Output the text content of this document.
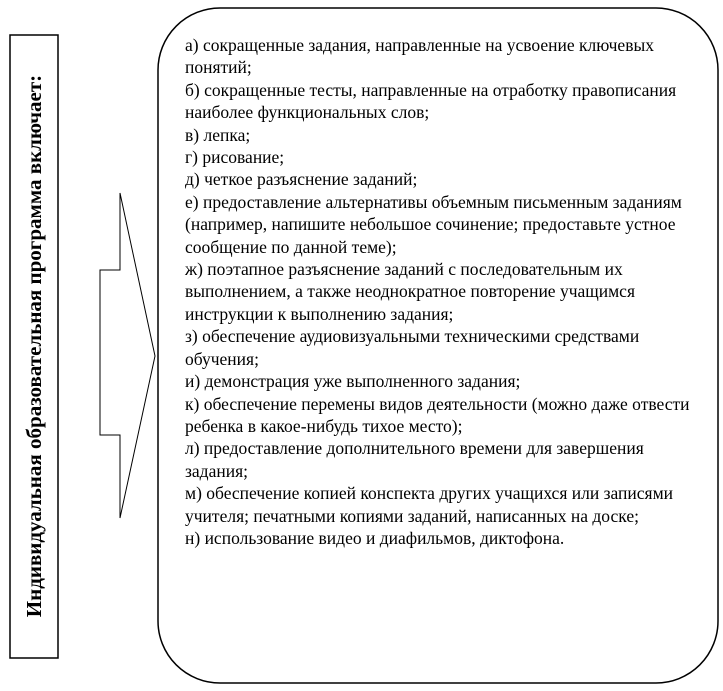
Индивидуальная образовательная программа включает:
а) сокращенные задания, направленные на усвоение ключевых понятий;
б) сокращенные тесты, направленные на отработку правописания наиболее функциональных слов;
в) лепка;
г) рисование;
д) четкое разъяснение заданий;
е) предоставление альтернативы объемным письменным заданиям (например, напишите небольшое сочинение; предоставьте устное сообщение по данной теме);
ж) поэтапное разъяснение заданий с последовательным их выполнением, а также неоднократное повторение учащимся инструкции к выполнению задания;
з) обеспечение аудиовизуальными техническими средствами обучения;
и) демонстрация уже выполненного задания;
к) обеспечение перемены видов деятельности (можно даже отвести ребенка в какое-нибудь тихое место);
л) предоставление дополнительного времени для завершения задания;
м) обеспечение копией конспекта других учащихся или записями учителя; печатными копиями заданий, написанных на доске;
н) использование видео и диафильмов, диктофона.
